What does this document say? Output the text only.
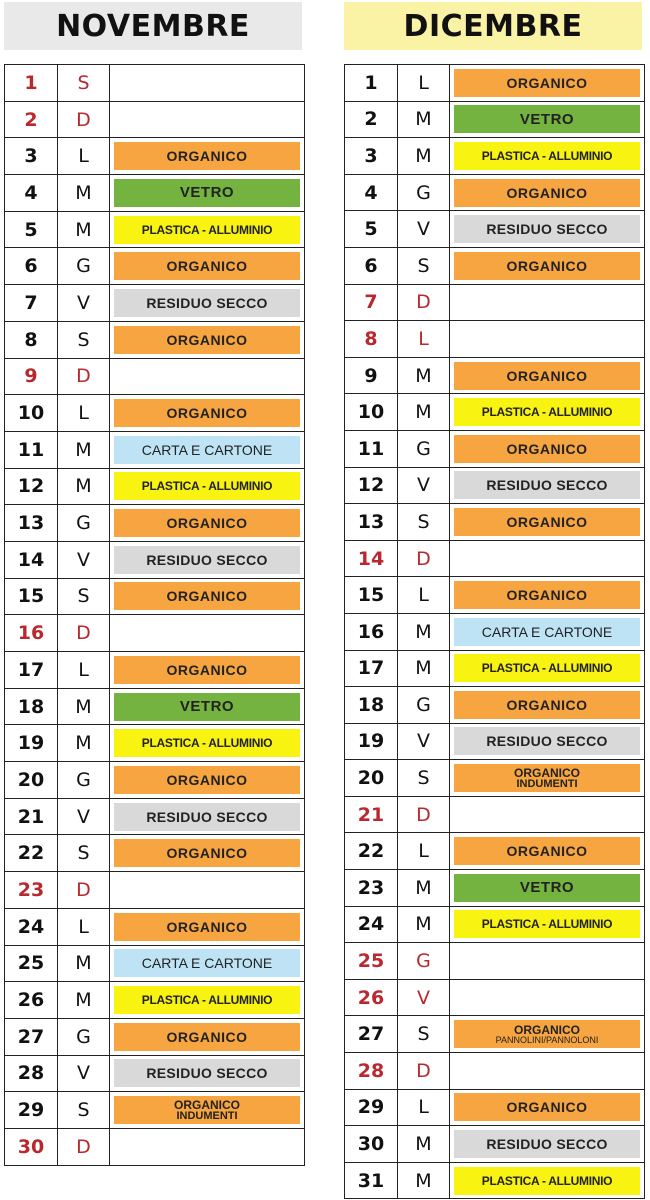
NOVEMBRE	DICEMBRE
1	S	
2	D	
3	L	ORGANICO

4	M	VETRO

5	M	PLASTICA - ALLUMINIO

6	G	ORGANICO

7	V	RESIDUO SECCO

8	S	ORGANICO

9	D	
10	L	ORGANICO

11	M	CARTA E CARTONE

12	M	PLASTICA - ALLUMINIO

13	G	ORGANICO

14	V	RESIDUO SECCO

15	S	ORGANICO

16	D	
17	L	ORGANICO

18	M	VETRO

19	M	PLASTICA - ALLUMINIO

20	G	ORGANICO

21	V	RESIDUO SECCO

22	S	ORGANICO

23	D	
24	L	ORGANICO

25	M	CARTA E CARTONE

26	M	PLASTICA - ALLUMINIO

27	G	ORGANICO

28	V	RESIDUO SECCO

29	S	ORGANICO
INDUMENTI

30	D	
1	L	ORGANICO

2	M	VETRO

3	M	PLASTICA - ALLUMINIO

4	G	ORGANICO

5	V	RESIDUO SECCO

6	S	ORGANICO

7	D	
8	L	
9	M	ORGANICO

10	M	PLASTICA - ALLUMINIO

11	G	ORGANICO

12	V	RESIDUO SECCO

13	S	ORGANICO

14	D	
15	L	ORGANICO

16	M	CARTA E CARTONE

17	M	PLASTICA - ALLUMINIO

18	G	ORGANICO

19	V	RESIDUO SECCO

20	S	ORGANICO
INDUMENTI

21	D	
22	L	ORGANICO

23	M	VETRO

24	M	PLASTICA - ALLUMINIO

25	G	
26	V	
27	S	ORGANICO
PANNOLINI/PANNOLONI

28	D	
29	L	ORGANICO

30	M	RESIDUO SECCO

31	M	PLASTICA - ALLUMINIO
